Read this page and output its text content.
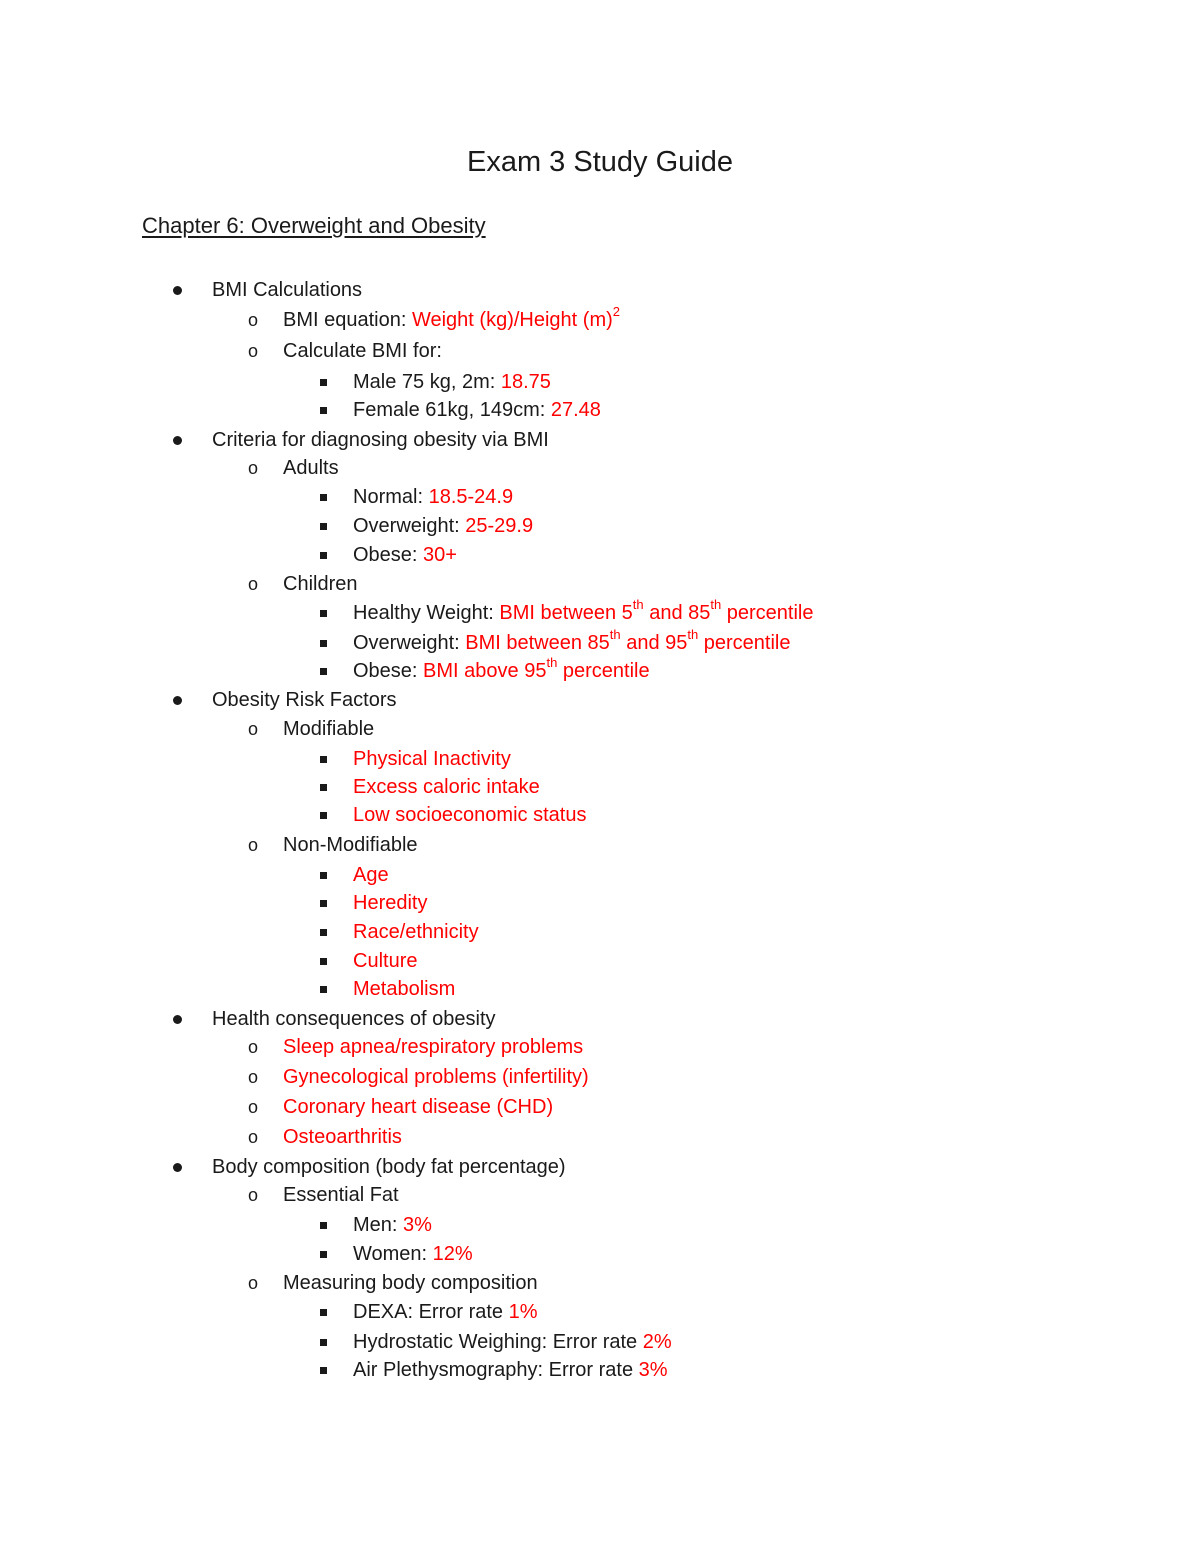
Exam 3 Study Guide
Chapter 6: Overweight and Obesity
BMI Calculations
o BMI equation: Weight (kg)/Height $(m)^2$
o Calculate BMI for:
Male 75 kg, 2m: 18.75
Female 61kg, 149cm: 27.48
Criteria for diagnosing obesity via BMI
o Adults
Normal: 18.5-24.9
Overweight: 25-29.9
Obese: 30+
o Children
Healthy Weight: BMI between 5th and 85th percentile
Overweight: BMI between 85th and 95th percentile
Obese: BMI above 95th percentile
Obesity Risk Factors
o Modifiable
Physical Inactivity
Excess caloric intake
Low socioeconomic status
o Non-Modifiable
Age
Heredity
Race/ethnicity
Culture
Metabolism
Health consequences of obesity
o Sleep apnea/respiratory problems
o Gynecological problems (infertility)
o Coronary heart disease (CHD)
o Osteoarthritis
Body composition (body fat percentage)
o Essential Fat
Men: 3%
Women: 12%
o Measuring body composition
DEXA: Error rate 1%
Hydrostatic Weighing: Error rate 2%
Air Plethysmography: Error rate 3%
